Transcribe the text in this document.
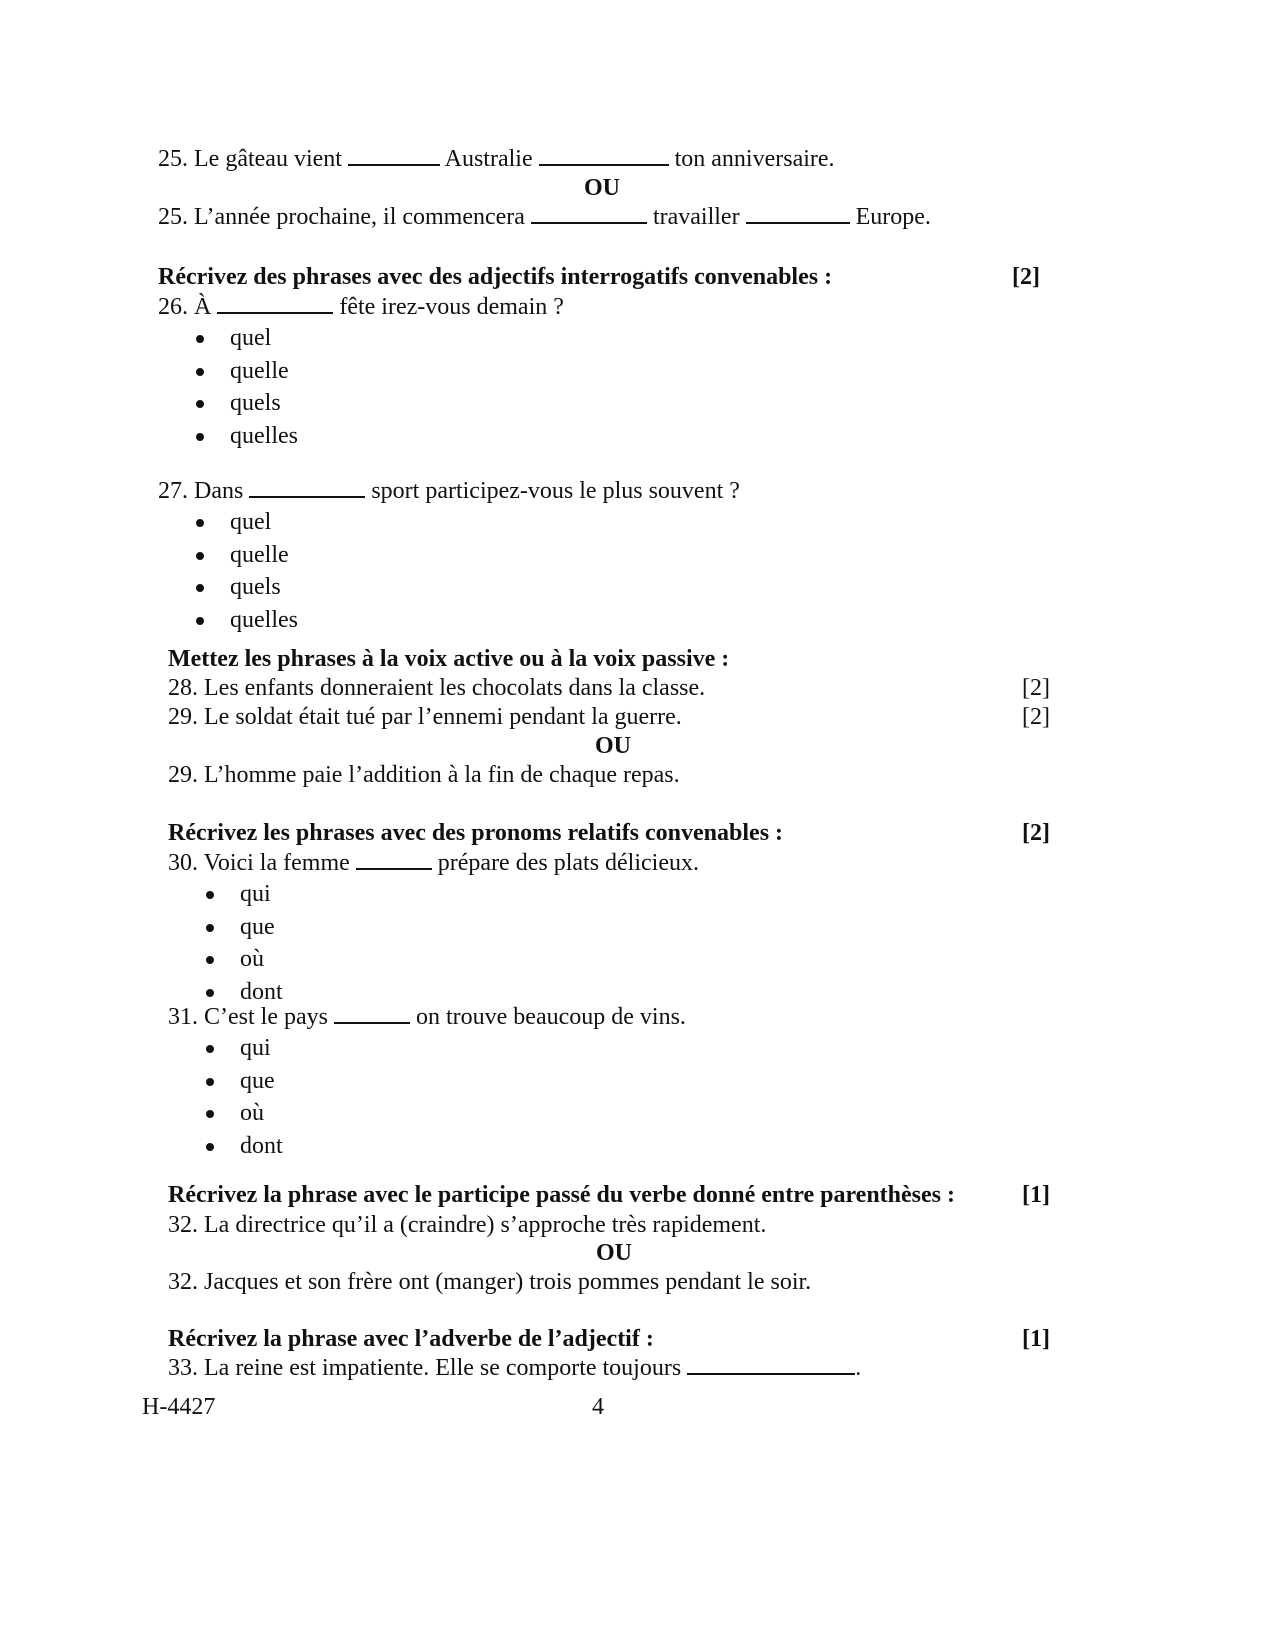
25. Le gâteau vient	Australie	ton anniversaire.
OU
25. L’année prochaine, il commencera	travailler	Europe.
Récrivez des phrases avec des adjectifs interrogatifs convenables :	[2]
26. À	fête irez-vous demain ?
quel
quelle
quels
quelles
27. Dans	sport participez-vous le plus souvent ?
quel
quelle
quels
quelles
Mettez les phrases à la voix active ou à la voix passive :
28. Les enfants donneraient les chocolats dans la classe.	[2]
29. Le soldat était tué par l’ennemi pendant la guerre.	[2]
OU
29. L’homme paie l’addition à la fin de chaque repas.
Récrivez les phrases avec des pronoms relatifs convenables :	[2]
30. Voici la femme	prépare des plats délicieux.
qui
que
où
dont
31. C’est le pays	on trouve beaucoup de vins.
qui
que
où
dont
Récrivez la phrase avec le participe passé du verbe donné entre parenthèses :	[1]
32. La directrice qu’il a (craindre) s’approche très rapidement.
OU
32. Jacques et son frère ont (manger) trois pommes pendant le soir.
Récrivez la phrase avec l’adverbe de l’adjectif :	[1]
33. La reine est impatiente. Elle se comporte toujours	.
H-4427	4
